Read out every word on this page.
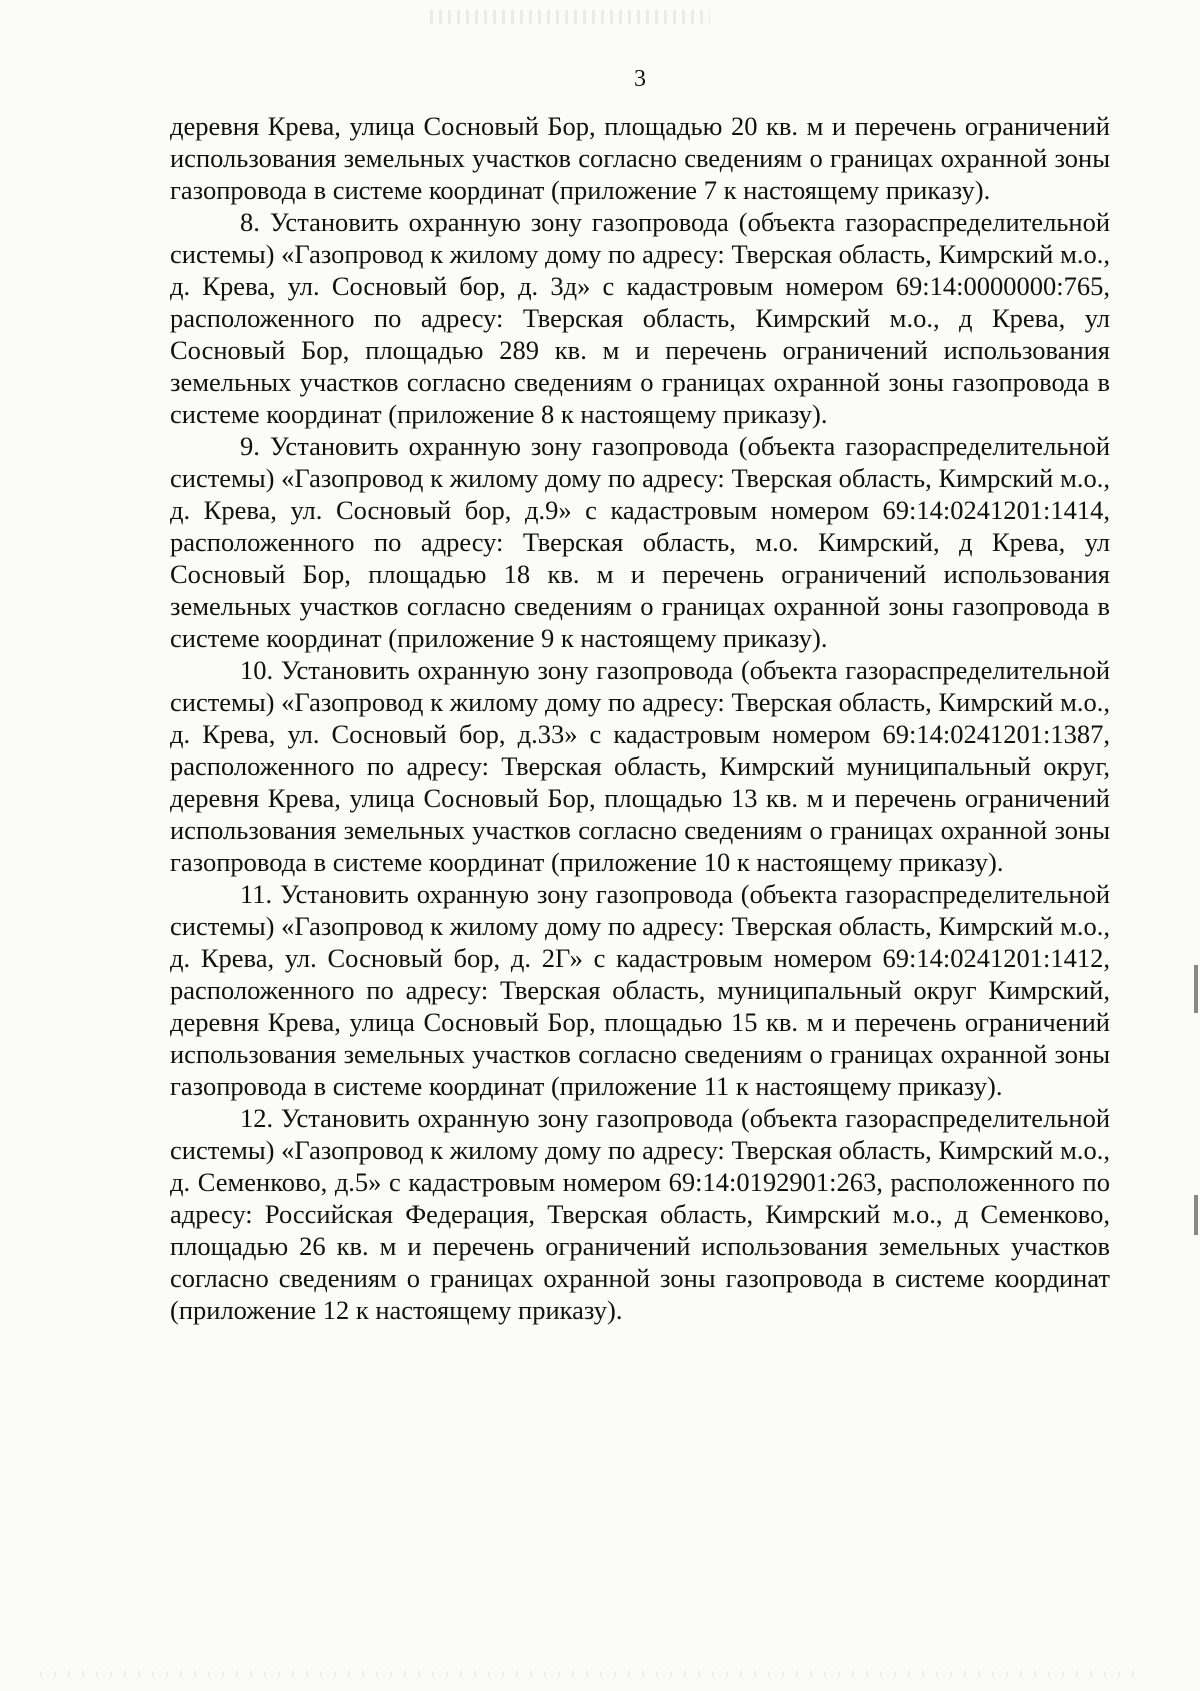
3

деревня Крева, улица Сосновый Бор, площадью 20 кв. м и перечень ограничений использования земельных участков согласно сведениям о границах охранной зоны газопровода в системе координат (приложение 7 к настоящему приказу).

8. Установить охранную зону газопровода (объекта газораспределительной системы) «Газопровод к жилому дому по адресу: Тверская область, Кимрский м.о., д. Крева, ул. Сосновый бор, д. 3д» с кадастровым номером 69:14:0000000:765, расположенного по адресу: Тверская область, Кимрский м.о., д Крева, ул Сосновый Бор, площадью 289 кв. м и перечень ограничений использования земельных участков согласно сведениям о границах охранной зоны газопровода в системе координат (приложение 8 к настоящему приказу).

9. Установить охранную зону газопровода (объекта газораспределительной системы) «Газопровод к жилому дому по адресу: Тверская область, Кимрский м.о., д. Крева, ул. Сосновый бор, д.9» с кадастровым номером 69:14:0241201:1414, расположенного по адресу: Тверская область, м.о. Кимрский, д Крева, ул Сосновый Бор, площадью 18 кв. м и перечень ограничений использования земельных участков согласно сведениям о границах охранной зоны газопровода в системе координат (приложение 9 к настоящему приказу).

10. Установить охранную зону газопровода (объекта газораспределительной системы) «Газопровод к жилому дому по адресу: Тверская область, Кимрский м.о., д. Крева, ул. Сосновый бор, д.33» с кадастровым номером 69:14:0241201:1387, расположенного по адресу: Тверская область, Кимрский муниципальный округ, деревня Крева, улица Сосновый Бор, площадью 13 кв. м и перечень ограничений использования земельных участков согласно сведениям о границах охранной зоны газопровода в системе координат (приложение 10 к настоящему приказу).

11. Установить охранную зону газопровода (объекта газораспределительной системы) «Газопровод к жилому дому по адресу: Тверская область, Кимрский м.о., д. Крева, ул. Сосновый бор, д. 2Г» с кадастровым номером 69:14:0241201:1412, расположенного по адресу: Тверская область, муниципальный округ Кимрский, деревня Крева, улица Сосновый Бор, площадью 15 кв. м и перечень ограничений использования земельных участков согласно сведениям о границах охранной зоны газопровода в системе координат (приложение 11 к настоящему приказу).

12. Установить охранную зону газопровода (объекта газораспределительной системы) «Газопровод к жилому дому по адресу: Тверская область, Кимрский м.о., д. Семенково, д.5» с кадастровым номером 69:14:0192901:263, расположенного по адресу: Российская Федерация, Тверская область, Кимрский м.о., д Семенково, площадью 26 кв. м и перечень ограничений использования земельных участков согласно сведениям о границах охранной зоны газопровода в системе координат (приложение 12 к настоящему приказу).
